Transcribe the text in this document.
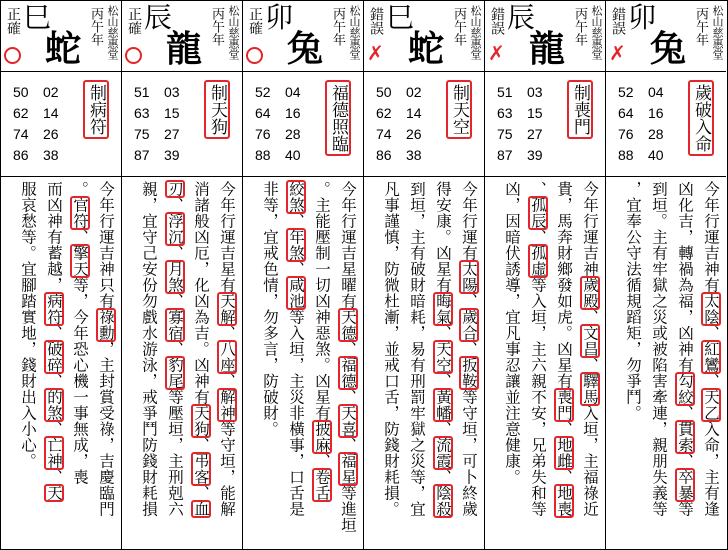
正確 巳
蛇
丙午年 松山慈惠堂
50	02
62	14
74	26
86	38
制病符
今年行運吉神只有祿勳，主封賞受祿，吉慶臨門
。官符、擎天等，今年恐心機一事無成，喪
而凶神有蓄越，病符、破碎、的煞、亡神、天
服哀愁等。宜腳踏實地，錢財出入小心。
正確 辰
龍
丙午年 松山慈惠堂
51	03
63	15
75	27
87	39
制天狗
今年行運吉星有天解、八座、解神等守垣，能解
消諸般凶厄，化凶為吉。凶神有天狗、弔客、血
刃、浮沉、月煞、寡宿、豹尾等壓垣，主刑剋六
親，宜守己安份勿戲水游泳，戒爭鬥防錢財耗損
正確 卯
兔
丙午年 松山慈惠堂
52	04
64	16
76	28
88	40
福德照臨
今年行運吉星曜有天德、福德、天喜、福星等進垣
。主能壓制一切凶神惡煞。凶星有披麻、卷舌
絞煞、年煞、咸池等入垣，主災非橫事，口舌是
非等，宜戒色情，勿多言，防破財。
錯誤
✗
巳
蛇
丙午年 松山慈惠堂
50	02
62	14
74	26
86	38
制天空
今年行運有太陽、歲合、扳鞍等守垣，可卜終歲
得安康。凶星有晦氣、天空、黃幡、流霞、陰殺
到垣，主有破財暗耗，易有刑罰牢獄之災等，宜
凡事謹慎，防微杜漸，並戒口舌，防錢財耗損。
錯誤
✗
辰
龍
丙午年 松山慈惠堂
51	03
63	15
75	27
87	39
制喪門
今年行運吉神歲殿、文昌、驛馬入垣，主福祿近
貴，馬奔財鄉發如虎。凶星有喪門、地雌、地喪
、孤辰、孤虛等入垣，主六親不安，兄弟失和等
凶，因暗伏誘導，宜凡事忍讓並注意健康。
錯誤
✗
卯
兔
丙午年 松山慈惠堂
52	04
64	16
76	28
88	40
歲破入命
今年行運吉神有太陰、紅鸞、天乙入命，主有逢
凶化吉，轉禍為福，凶神有勾絞、貫索、卒暴等
到垣。主有牢獄之災或被陷害牽連，親朋失義等
，宜奉公守法循規蹈矩，勿爭鬥。
